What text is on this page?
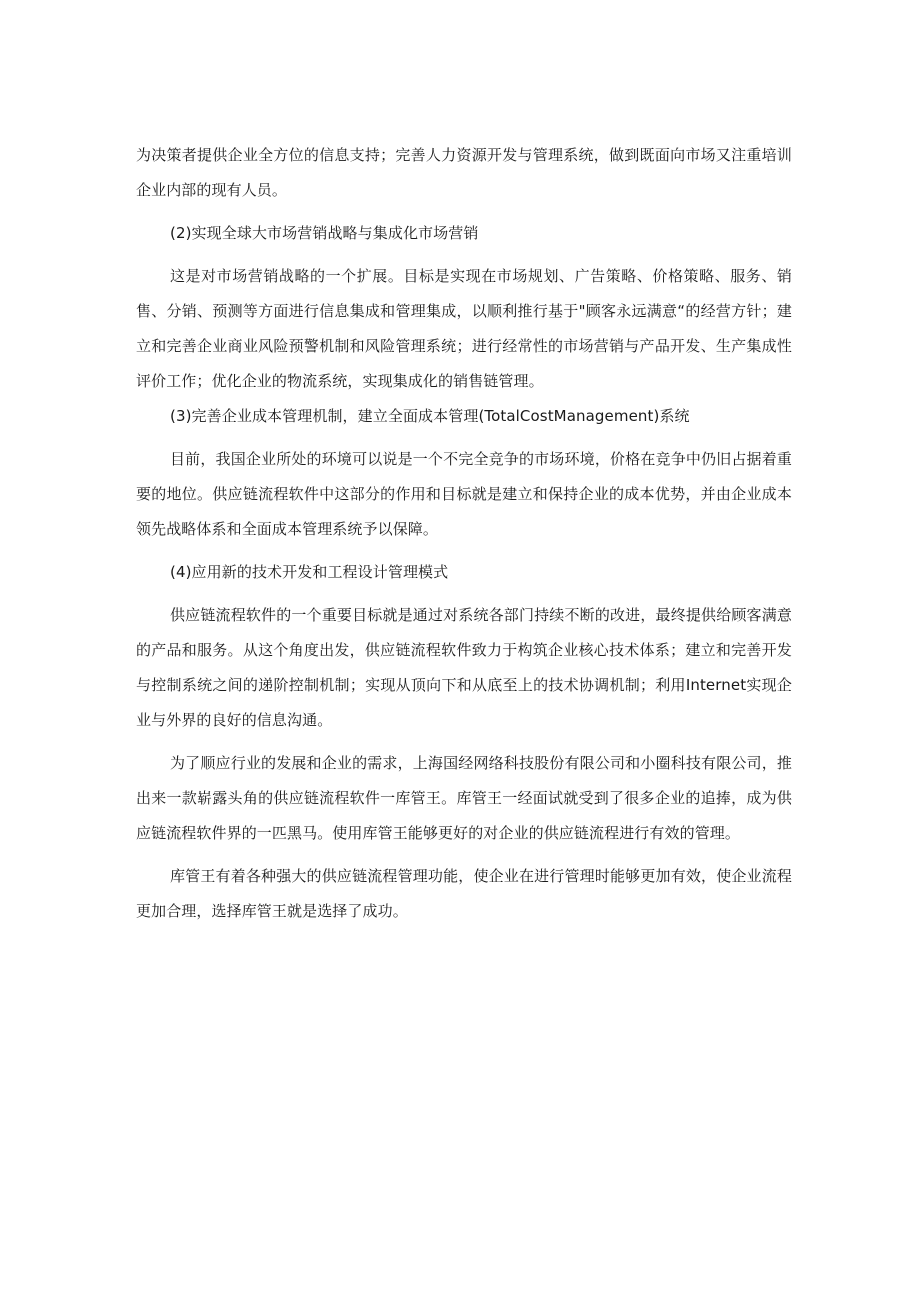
为决策者提供企业全方位的信息支持；完善人力资源开发与管理系统，做到既面向市场又注重培训企业内部的现有人员。

(2)实现全球大市场营销战略与集成化市场营销

这是对市场营销战略的一个扩展。目标是实现在市场规划、广告策略、价格策略、服务、销售、分销、预测等方面进行信息集成和管理集成，以顺利推行基于"顾客永远满意“的经营方针；建立和完善企业商业风险预警机制和风险管理系统；进行经常性的市场营销与产品开发、生产集成性评价工作；优化企业的物流系统，实现集成化的销售链管理。

(3)完善企业成本管理机制，建立全面成本管理(TotalCostManagement)系统

目前，我国企业所处的环境可以说是一个不完全竞争的市场环境，价格在竞争中仍旧占据着重要的地位。供应链流程软件中这部分的作用和目标就是建立和保持企业的成本优势，并由企业成本领先战略体系和全面成本管理系统予以保障。

(4)应用新的技术开发和工程设计管理模式

供应链流程软件的一个重要目标就是通过对系统各部门持续不断的改进，最终提供给顾客满意的产品和服务。从这个角度出发，供应链流程软件致力于构筑企业核心技术体系；建立和完善开发与控制系统之间的递阶控制机制；实现从顶向下和从底至上的技术协调机制；利用Internet实现企业与外界的良好的信息沟通。

为了顺应行业的发展和企业的需求，上海国经网络科技股份有限公司和小圈科技有限公司，推出来一款崭露头角的供应链流程软件一库管王。库管王一经面试就受到了很多企业的追捧，成为供应链流程软件界的一匹黑马。使用库管王能够更好的对企业的供应链流程进行有效的管理。

库管王有着各种强大的供应链流程管理功能，使企业在进行管理时能够更加有效，使企业流程更加合理，选择库管王就是选择了成功。
